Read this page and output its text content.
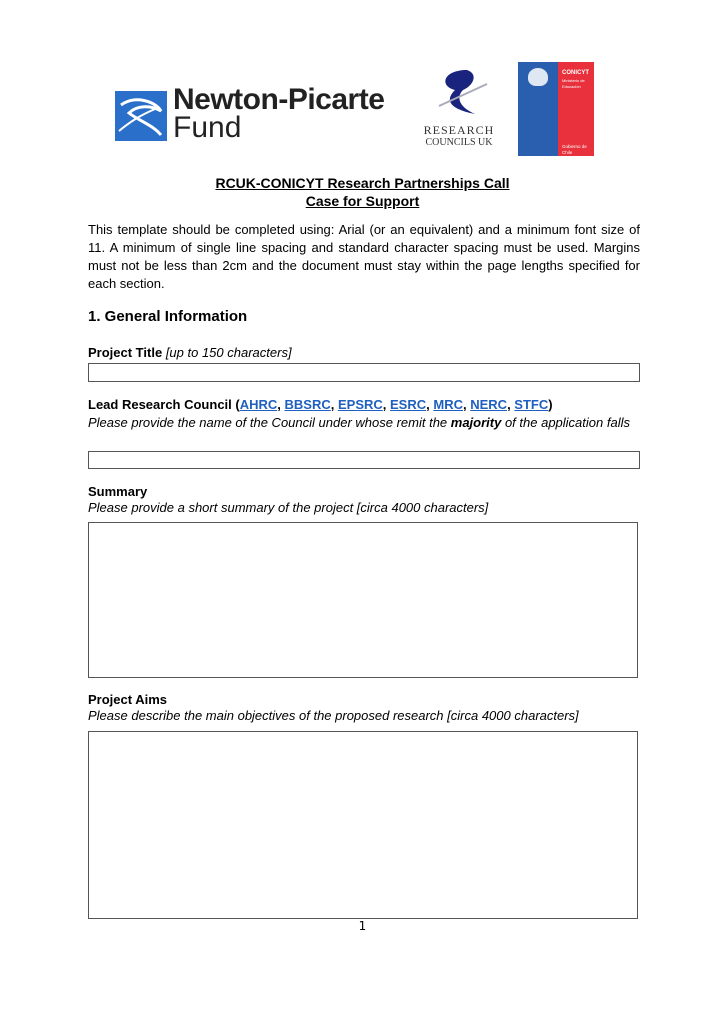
Newton-Picarte
Fund	RESEARCH
COUNCILS UK
CONICYT
Ministerio de Educación
Gobierno de Chile
RCUK-CONICYT Research Partnerships Call
Case for Support
This template should be completed using: Arial (or an equivalent) and a minimum font size of 11. A minimum of single line spacing and standard character spacing must be used. Margins must not be less than 2cm and the document must stay within the page lengths specified for each section.
1. General Information
Project Title [up to 150 characters]
Lead Research Council (AHRC, BBSRC, EPSRC, ESRC, MRC, NERC, STFC)
Please provide the name of the Council under whose remit the majority of the application falls
Summary
Please provide a short summary of the project [circa 4000 characters]
Project Aims
Please describe the main objectives of the proposed research [circa 4000 characters]
1
